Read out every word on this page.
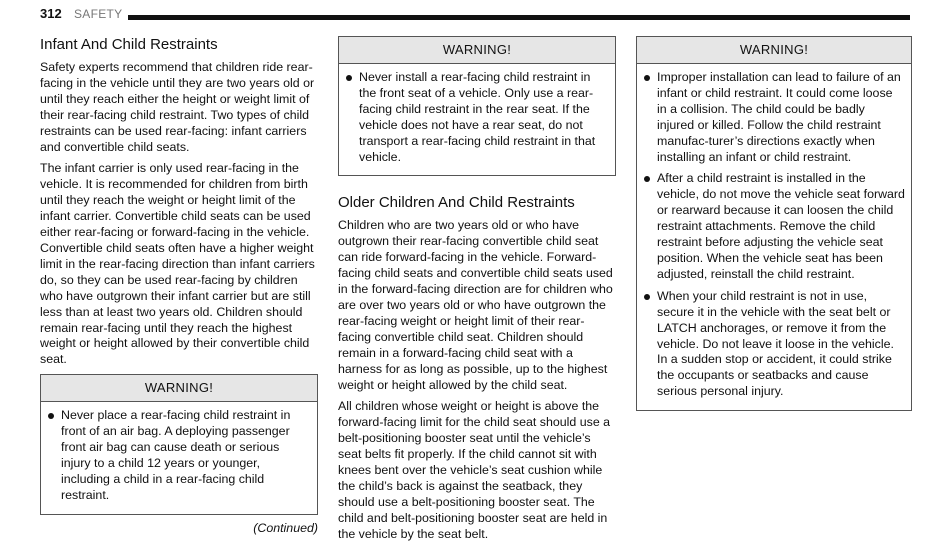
312 SAFETY
Infant And Child Restraints

Safety experts recommend that children ride rear-facing in the vehicle until they are two years old or until they reach either the height or weight limit of their rear-facing child restraint. Two types of child restraints can be used rear-facing: infant carriers and convertible child seats.

The infant carrier is only used rear-facing in the vehicle. It is recommended for children from birth until they reach the weight or height limit of the infant carrier. Convertible child seats can be used either rear-facing or forward-facing in the vehicle. Convertible child seats often have a higher weight limit in the rear-facing direction than infant carriers do, so they can be used rear-facing by children who have outgrown their infant carrier but are still less than at least two years old. Children should remain rear-facing until they reach the highest weight or height allowed by their convertible child seat.

WARNING!
Never place a rear-facing child restraint in front of an air bag. A deploying passenger front air bag can cause death or serious injury to a child 12 years or younger, including a child in a rear-facing child restraint.
(Continued)
WARNING!
Never install a rear-facing child restraint in the front seat of a vehicle. Only use a rear-facing child restraint in the rear seat. If the vehicle does not have a rear seat, do not transport a rear-facing child restraint in that vehicle.
Older Children And Child Restraints

Children who are two years old or who have outgrown their rear-facing convertible child seat can ride forward-facing in the vehicle. Forward-facing child seats and convertible child seats used in the forward-facing direction are for children who are over two years old or who have outgrown the rear-facing weight or height limit of their rear-facing convertible child seat. Children should remain in a forward-facing child seat with a harness for as long as possible, up to the highest weight or height allowed by the child seat.

All children whose weight or height is above the forward-facing limit for the child seat should use a belt-positioning booster seat until the vehicle’s seat belts fit properly. If the child cannot sit with knees bent over the vehicle’s seat cushion while the child’s back is against the seatback, they should use a belt-positioning booster seat. The child and belt-positioning booster seat are held in the vehicle by the seat belt.

WARNING!
Improper installation can lead to failure of an infant or child restraint. It could come loose in a collision. The child could be badly injured or killed. Follow the child restraint manufac-turer’s directions exactly when installing an infant or child restraint.
After a child restraint is installed in the vehicle, do not move the vehicle seat forward or rearward because it can loosen the child restraint attachments. Remove the child restraint before adjusting the vehicle seat position. When the vehicle seat has been adjusted, reinstall the child restraint.
When your child restraint is not in use, secure it in the vehicle with the seat belt or LATCH anchorages, or remove it from the vehicle. Do not leave it loose in the vehicle. In a sudden stop or accident, it could strike the occupants or seatbacks and cause serious personal injury.
